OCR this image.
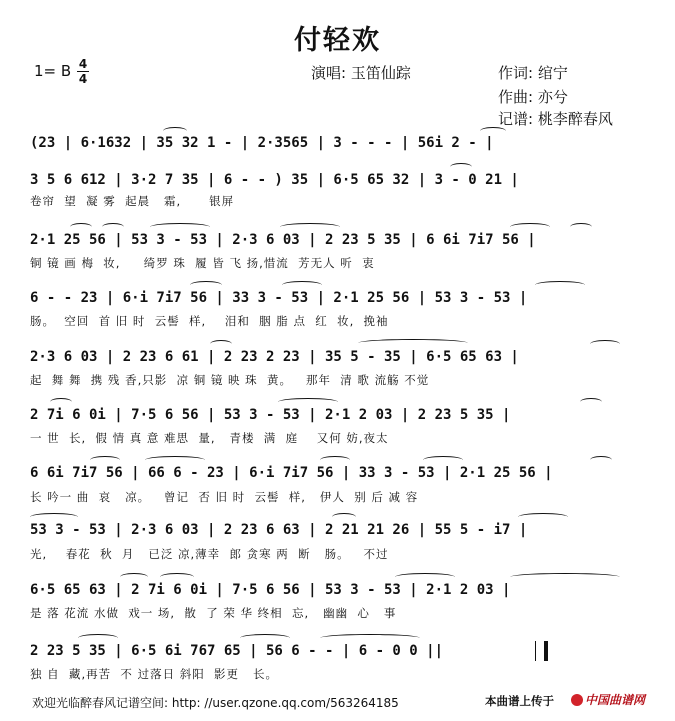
付轻欢
1= B 4
4	演唱: 玉笛仙踪	作词: 绾宁
作曲: 亦兮
记谱: 桃李醉春风
(23 | 6·1632 | 35 32 1 - | 2·3565 | 3 - - - | 56i 2 - |
3 5 6 612 | 3·2 7 35 | 6 - - ) 35 | 6·5 65 32 | 3 - 0 21 |
卷帘  望  凝 雾  起晨   霜,      银屏
2·1 25 56 | 53 3 - 53 | 2·3 6 03 | 2 23 5 35 | 6 6i 7i7 56 |
铜 镜 画 梅  妆,     绮罗 珠  履 皆 飞 扬,惜流  芳无人 听  衷
6 - - 23 | 6·i 7i7 56 | 33 3 - 53 | 2·1 25 56 | 53 3 - 53 |
肠。  空回  首 旧 时  云髻  样,    泪和  胭 脂 点  红  妆,  挽袖
2·3 6 03 | 2 23 6 61 | 2 23 2 23 | 35 5 - 35 | 6·5 65 63 |
起  舞 舞  携 残 香,只影  凉 铜 镜 映 珠  黄。   那年  清 歌 流觞 不觉
2 7i 6 0i | 7·5 6 56 | 53 3 - 53 | 2·1 2 03 | 2 23 5 35 |
一 世  长,  假 情 真 意 难思  量,   青楼  满  庭    又何 妨,夜太
6 6i 7i7 56 | 66 6 - 23 | 6·i 7i7 56 | 33 3 - 53 | 2·1 25 56 |
长 吟一 曲  哀   凉。   曾记  否 旧 时  云髻  样,   伊人  别 后 减 容
53 3 - 53 | 2·3 6 03 | 2 23 6 63 | 2 21 21 26 | 55 5 - i7 |
光,    春花  秋  月   已泛 凉,薄幸  郎 贪寒 两  断   肠。   不过
6·5 65 63 | 2 7i 6 0i | 7·5 6 56 | 53 3 - 53 | 2·1 2 03 |
是 落 花流 水做  戏一 场,  散  了 荣 华 终相  忘,   幽幽  心   事
2 23 5 35 | 6·5 6i 767 65 | 56 6 - - | 6 - 0 0 ||
独 自  藏,再苦  不 过落日 斜阳  影更   长。
欢迎光临醉春风记谱空间: http: //user.qzone.qq.com/563264185	本曲谱上传于	中国曲谱网
